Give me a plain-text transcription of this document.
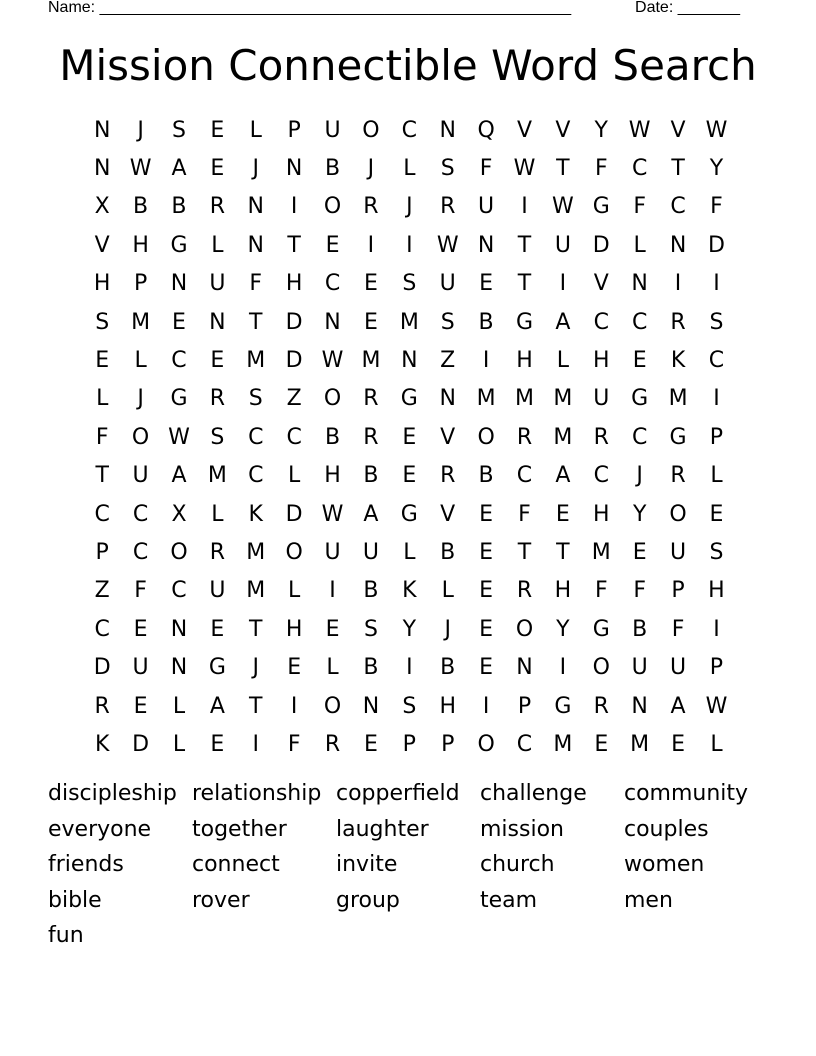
Name: _____________________________________________________	Date: _______
Mission Connectible Word Search
N	J	S	E	L	P	U O	C	N Q	V	V	Y W V W
N W A	E	J	N	B	J	L	S	F W T	F	C	T	Y
X	B	B	R	N	I	O	R	J	R	U	I	W G	F	C	F
V	H G	L	N	T	E	I	I	W N	T	U D	L	N D
H	P	N	U	F	H	C	E	S	U	E	T	I	V	N	I	I
S M E	N	T	D N	E M S	B	G	A	C	C	R	S
E	L	C	E M D W M N	Z	I	H	L	H	E	K	C
L	J	G	R	S	Z	O	R	G N M M M U G M	I
F	O W S	C	C	B	R	E	V	O	R M R	C	G	P
T	U	A M C	L	H	B	E	R	B	C	A	C	J	R	L
C	C	X	L	K	D W A	G	V	E	F	E	H	Y	O	E
P	C	O	R M O U	U	L	B	E	T	T	M E	U	S
Z	F	C	U M	L	I	B	K	L	E	R	H	F	F	P	H
C	E	N	E	T	H	E	S	Y	J	E	O	Y	G	B	F	I
D U	N G	J	E	L	B	I	B	E	N	I	O U	U	P
R	E	L	A	T	I	O N	S	H	I	P	G	R	N	A W
K	D	L	E	I	F	R	E	P	P	O	C M E M E	L
discipleship relationship copperfield challenge	community
everyone	together	laughter	mission	couples
friends	connect	invite	church	women
bible	rover	group	team	men
fun
